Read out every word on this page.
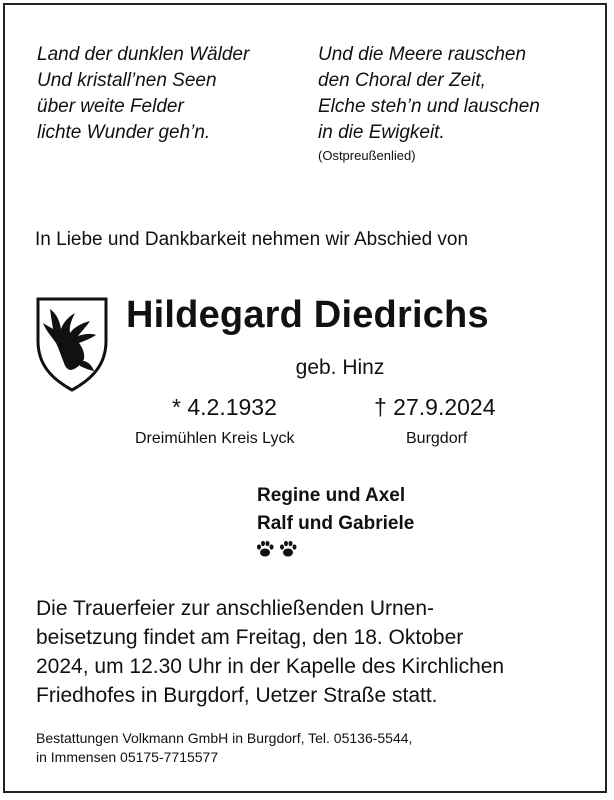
Land der dunklen Wälder
Und kristall’nen Seen
über weite Felder
lichte Wunder geh’n.
Und die Meere rauschen
den Choral der Zeit,
Elche steh’n und lauschen
in die Ewigkeit.
(Ostpreußenlied)
In Liebe und Dankbarkeit nehmen wir Abschied von
Hildegard Diedrichs
geb. Hinz
* 4.2.1932	† 27.9.2024
Dreimühlen Kreis Lyck	Burgdorf
Regine und Axel
Ralf und Gabriele
Die Trauerfeier zur anschließenden Urnen-
beisetzung findet am Freitag, den 18. Oktober
2024, um 12.30 Uhr in der Kapelle des Kirchlichen
Friedhofes in Burgdorf, Uetzer Straße statt.
Bestattungen Volkmann GmbH in Burgdorf, Tel. 05136-5544,
in Immensen 05175-7715577
